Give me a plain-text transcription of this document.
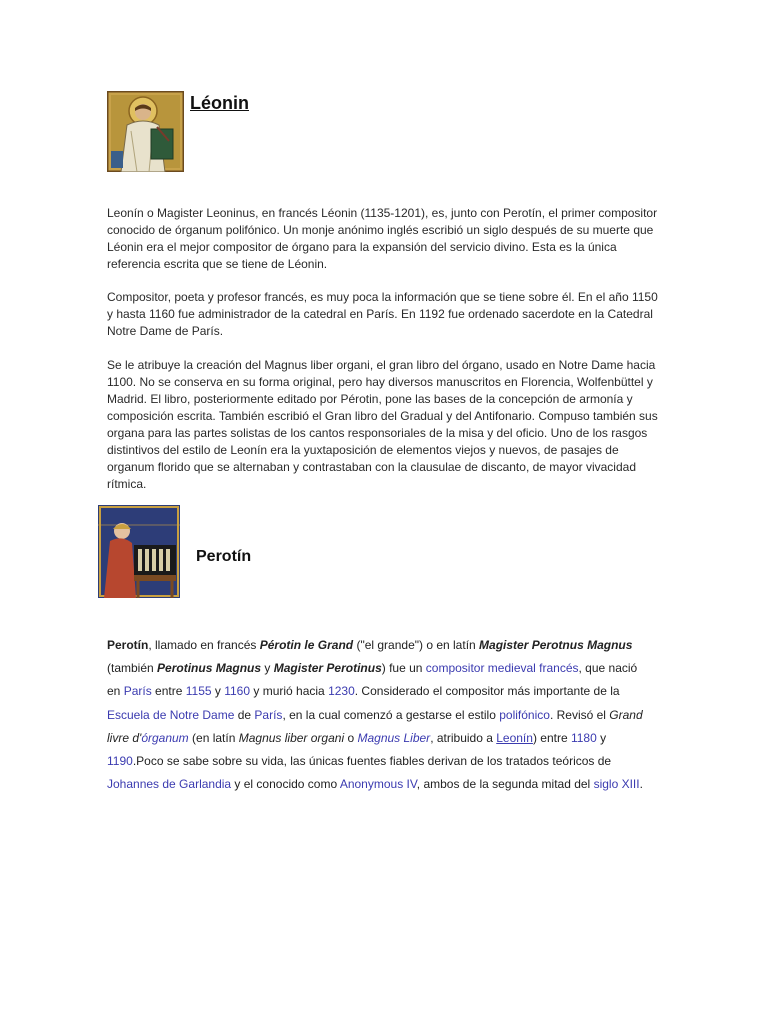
Léonin
Leonín o Magister Leoninus, en francés Léonin (1135-1201), es, junto con Perotín, el primer compositor conocido de órganum polifónico. Un monje anónimo inglés escribió un siglo después de su muerte que Léonin era el mejor compositor de órgano para la expansión del servicio divino. Esta es la única referencia escrita que se tiene de Léonin.
Compositor, poeta y profesor francés, es muy poca la información que se tiene sobre él. En el año 1150 y hasta 1160 fue administrador de la catedral en París. En 1192 fue ordenado sacerdote en la Catedral Notre Dame de París.
Se le atribuye la creación del Magnus liber organi, el gran libro del órgano, usado en Notre Dame hacia 1100. No se conserva en su forma original, pero hay diversos manuscritos en Florencia, Wolfenbüttel y Madrid. El libro, posteriormente editado por Pérotin, pone las bases de la concepción de armonía y composición escrita. También escribió el Gran libro del Gradual y del Antifonario. Compuso también sus organa para las partes solistas de los cantos responsoriales de la misa y del oficio. Uno de los rasgos distintivos del estilo de Leonín era la yuxtaposición de elementos viejos y nuevos, de pasajes de organum florido que se alternaban y contrastaban con la clausulae de discanto, de mayor vivacidad rítmica.
Perotín
Perotín, llamado en francés Pérotin le Grand ("el grande") o en latín Magister Perotnus Magnus (también Perotinus Magnus y Magister Perotinus) fue un compositor medieval francés, que nació en París entre 1155 y 1160 y murió hacia 1230. Considerado el compositor más importante de la Escuela de Notre Dame de París, en la cual comenzó a gestarse el estilo polifónico. Revisó el Grand livre d'órganum (en latín Magnus liber organi o Magnus Liber, atribuido a Leonín) entre 1180 y 1190.Poco se sabe sobre su vida, las únicas fuentes fiables derivan de los tratados teóricos de Johannes de Garlandia y el conocido como Anonymous IV, ambos de la segunda mitad del siglo XIII.
